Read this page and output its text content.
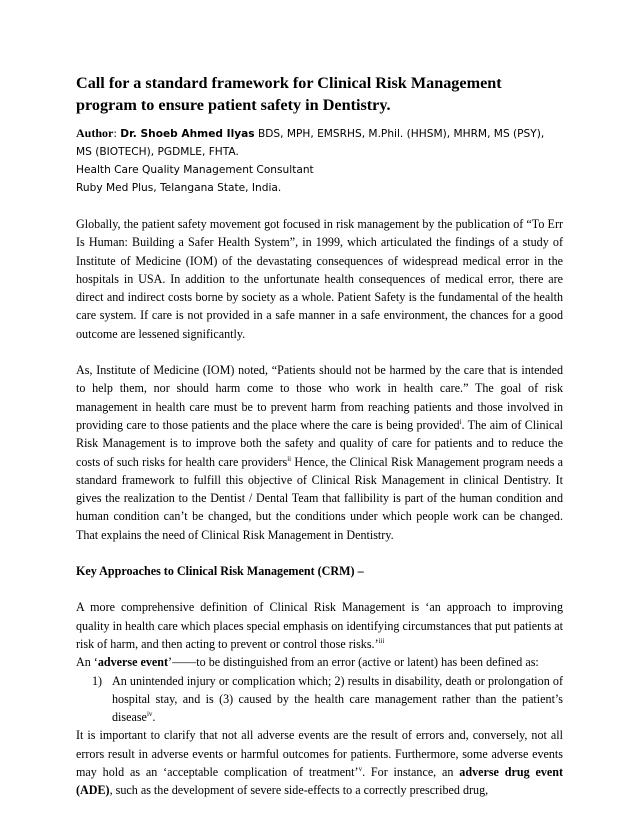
Call for a standard framework for Clinical Risk Management program to ensure patient safety in Dentistry.
Author: Dr. Shoeb Ahmed Ilyas BDS, MPH, EMSRHS, M.Phil. (HHSM), MHRM, MS (PSY), MS (BIOTECH), PGDMLE, FHTA.
Health Care Quality Management Consultant
Ruby Med Plus, Telangana State, India.

Globally, the patient safety movement got focused in risk management by the publication of “To Err Is Human: Building a Safer Health System”, in 1999, which articulated the findings of a study of Institute of Medicine (IOM) of the devastating consequences of widespread medical error in the hospitals in USA. In addition to the unfortunate health consequences of medical error, there are direct and indirect costs borne by society as a whole. Patient Safety is the fundamental of the health care system. If care is not provided in a safe manner in a safe environment, the chances for a good outcome are lessened significantly.

As, Institute of Medicine (IOM) noted, “Patients should not be harmed by the care that is intended to help them, nor should harm come to those who work in health care.” The goal of risk management in health care must be to prevent harm from reaching patients and those involved in providing care to those patients and the place where the care is being provided$^i$. The aim of Clinical Risk Management is to improve both the safety and quality of care for patients and to reduce the costs of such risks for health care providers$^{ii}$ Hence, the Clinical Risk Management program needs a standard framework to fulfill this objective of Clinical Risk Management in clinical Dentistry. It gives the realization to the Dentist / Dental Team that fallibility is part of the human condition and human condition can’t be changed, but the conditions under which people work can be changed. That explains the need of Clinical Risk Management in Dentistry.

Key Approaches to Clinical Risk Management (CRM) –

A more comprehensive definition of Clinical Risk Management is ‘an approach to improving quality in health care which places special emphasis on identifying circumstances that put patients at risk of harm, and then acting to prevent or control those risks.’$^{iii}$

An ‘adverse event’——to be distinguished from an error (active or latent) has been defined as:

1) An unintended injury or complication which; 2) results in disability, death or prolongation of hospital stay, and is (3) caused by the health care management rather than the patient’s disease$^{iv}$.

It is important to clarify that not all adverse events are the result of errors and, conversely, not all errors result in adverse events or harmful outcomes for patients. Furthermore, some adverse events may hold as an ‘acceptable complication of treatment’$^v$. For instance, an adverse drug event (ADE), such as the development of severe side-effects to a correctly prescribed drug,
